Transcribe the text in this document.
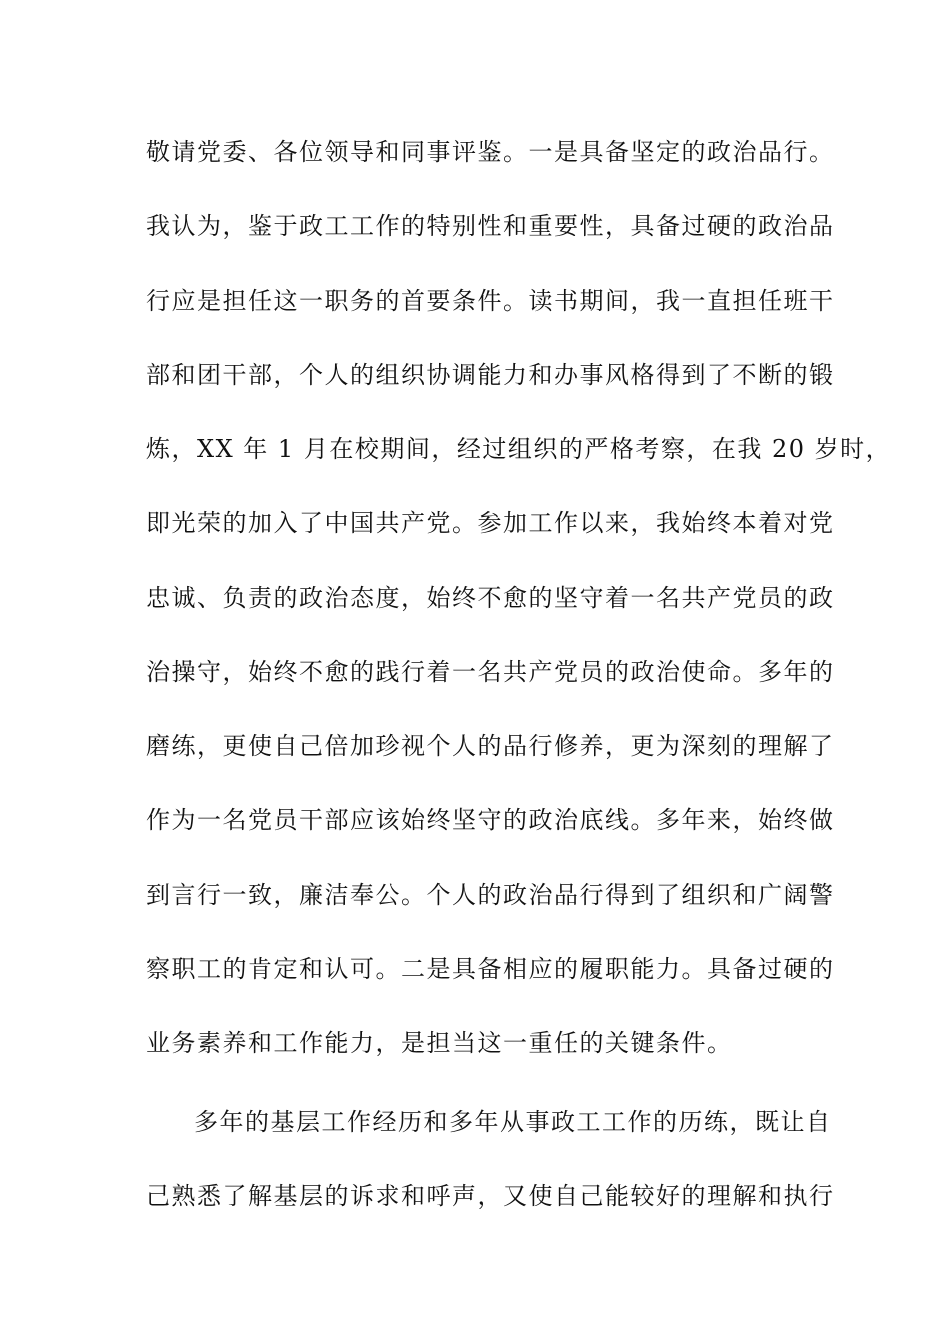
敬请党委、各位领导和同事评鉴。一是具备坚定的政治品行。
我认为，鉴于政工工作的特别性和重要性，具备过硬的政治品
行应是担任这一职务的首要条件。读书期间，我一直担任班干
部和团干部，个人的组织协调能力和办事风格得到了不断的锻
炼，XX 年 1 月在校期间，经过组织的严格考察，在我 20 岁时，
即光荣的加入了中国共产党。参加工作以来，我始终本着对党
忠诚、负责的政治态度，始终不愈的坚守着一名共产党员的政
治操守，始终不愈的践行着一名共产党员的政治使命。多年的
磨练，更使自己倍加珍视个人的品行修养，更为深刻的理解了
作为一名党员干部应该始终坚守的政治底线。多年来，始终做
到言行一致，廉洁奉公。个人的政治品行得到了组织和广阔警
察职工的肯定和认可。二是具备相应的履职能力。具备过硬的
业务素养和工作能力，是担当这一重任的关键条件。
多年的基层工作经历和多年从事政工工作的历练，既让自
己熟悉了解基层的诉求和呼声，又使自己能较好的理解和执行
